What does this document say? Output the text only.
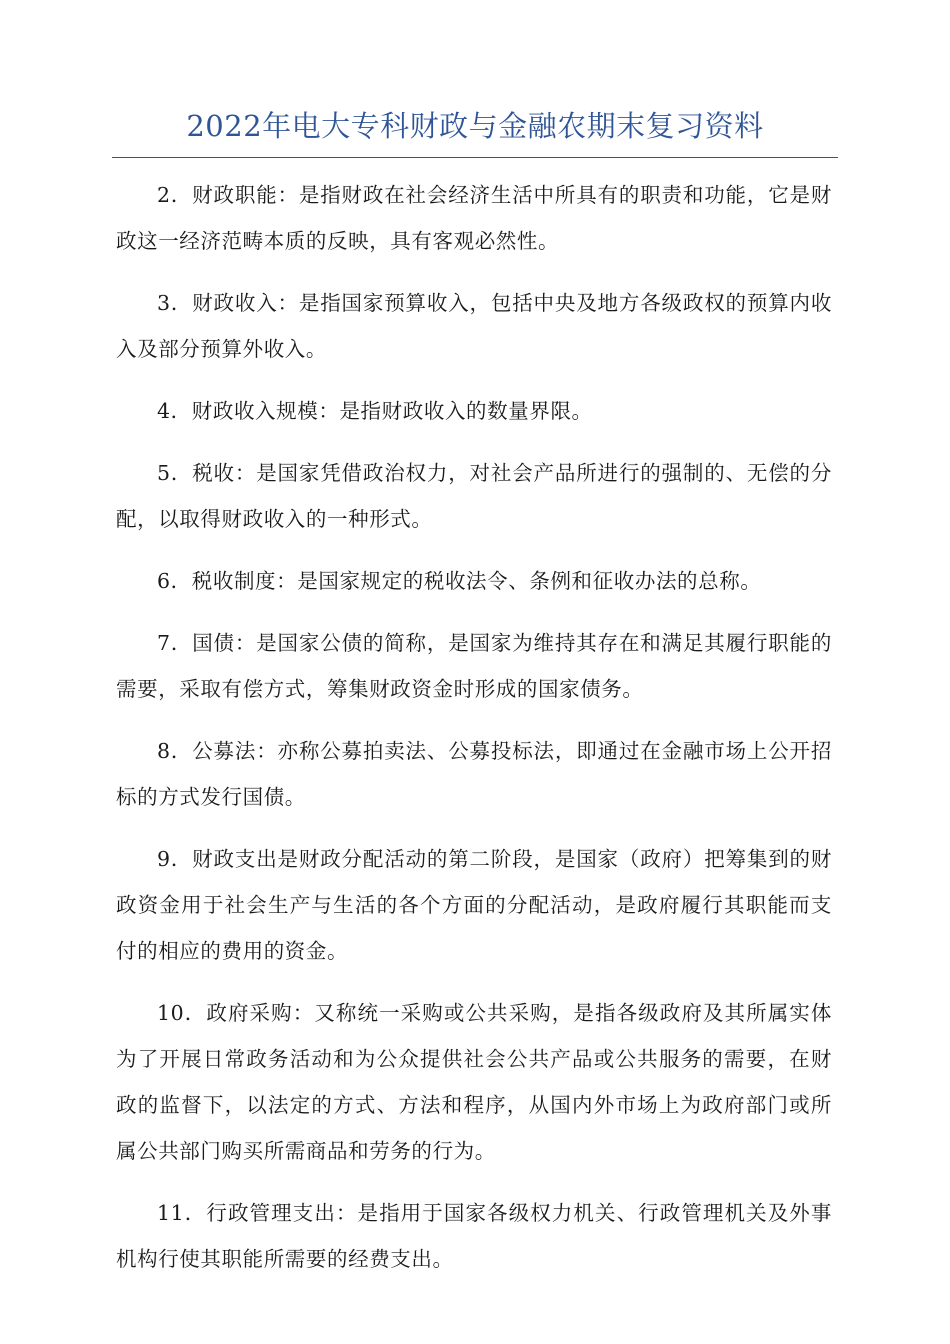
2022年电大专科财政与金融农期末复习资料

2．财政职能：是指财政在社会经济生活中所具有的职责和功能，它是财政这一经济范畴本质的反映，具有客观必然性。

3．财政收入：是指国家预算收入，包括中央及地方各级政权的预算内收入及部分预算外收入。

4．财政收入规模：是指财政收入的数量界限。

5．税收：是国家凭借政治权力，对社会产品所进行的强制的、无偿的分配，以取得财政收入的一种形式。

6．税收制度：是国家规定的税收法令、条例和征收办法的总称。

7．国债：是国家公债的简称，是国家为维持其存在和满足其履行职能的需要，采取有偿方式，筹集财政资金时形成的国家债务。

8．公募法：亦称公募拍卖法、公募投标法，即通过在金融市场上公开招标的方式发行国债。

9．财政支出是财政分配活动的第二阶段，是国家（政府）把筹集到的财政资金用于社会生产与生活的各个方面的分配活动，是政府履行其职能而支付的相应的费用的资金。

10．政府采购：又称统一采购或公共采购，是指各级政府及其所属实体为了开展日常政务活动和为公众提供社会公共产品或公共服务的需要，在财政的监督下，以法定的方式、方法和程序，从国内外市场上为政府部门或所属公共部门购买所需商品和劳务的行为。

11．行政管理支出：是指用于国家各级权力机关、行政管理机关及外事机构行使其职能所需要的经费支出。
